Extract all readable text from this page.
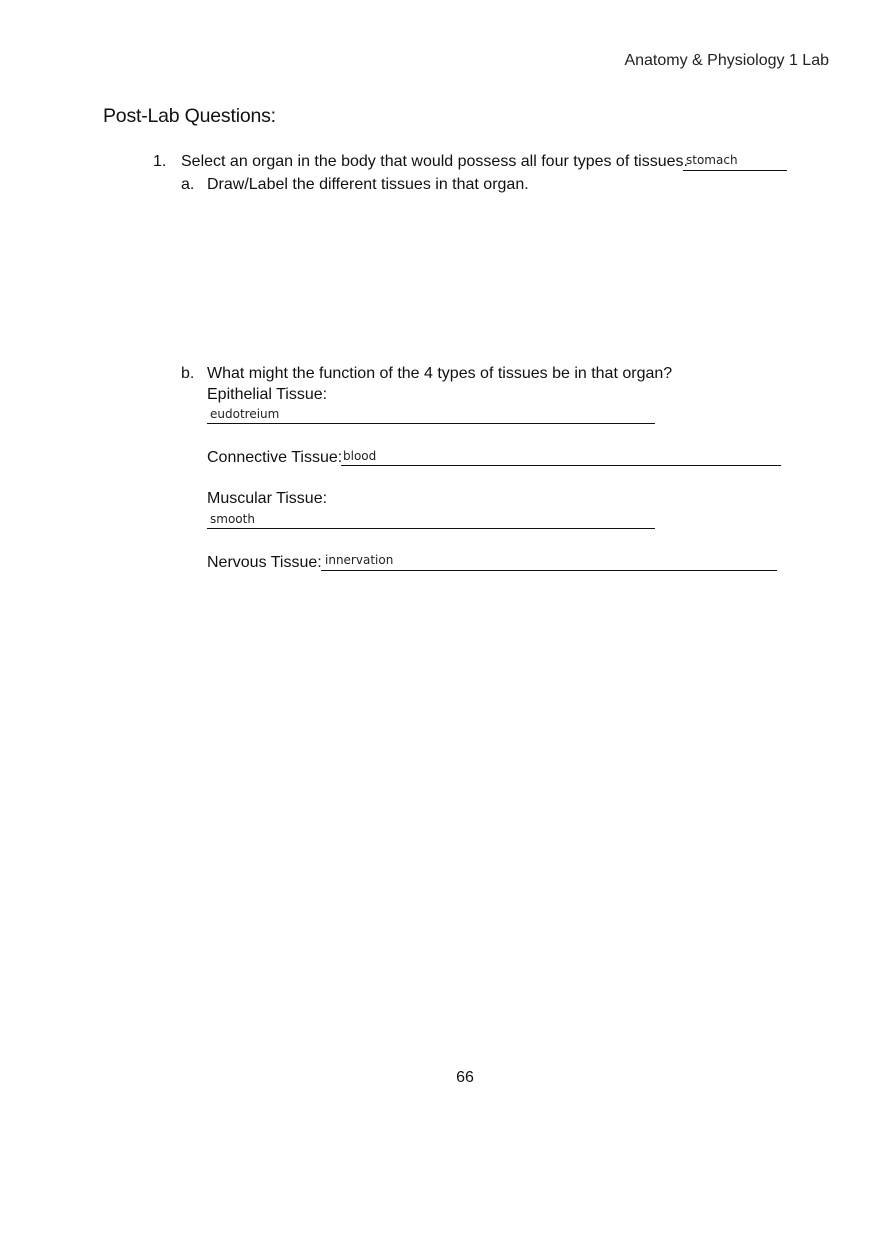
Anatomy & Physiology 1 Lab
Post-Lab Questions:
1. Select an organ in the body that would possess all four types of tissues.
stomach
a. Draw/Label the different tissues in that organ.
b. What might the function of the 4 types of tissues be in that organ?
Epithelial Tissue:
eudotreium
Connective Tissue: blood
Muscular Tissue:
smooth
Nervous Tissue: innervation
66
